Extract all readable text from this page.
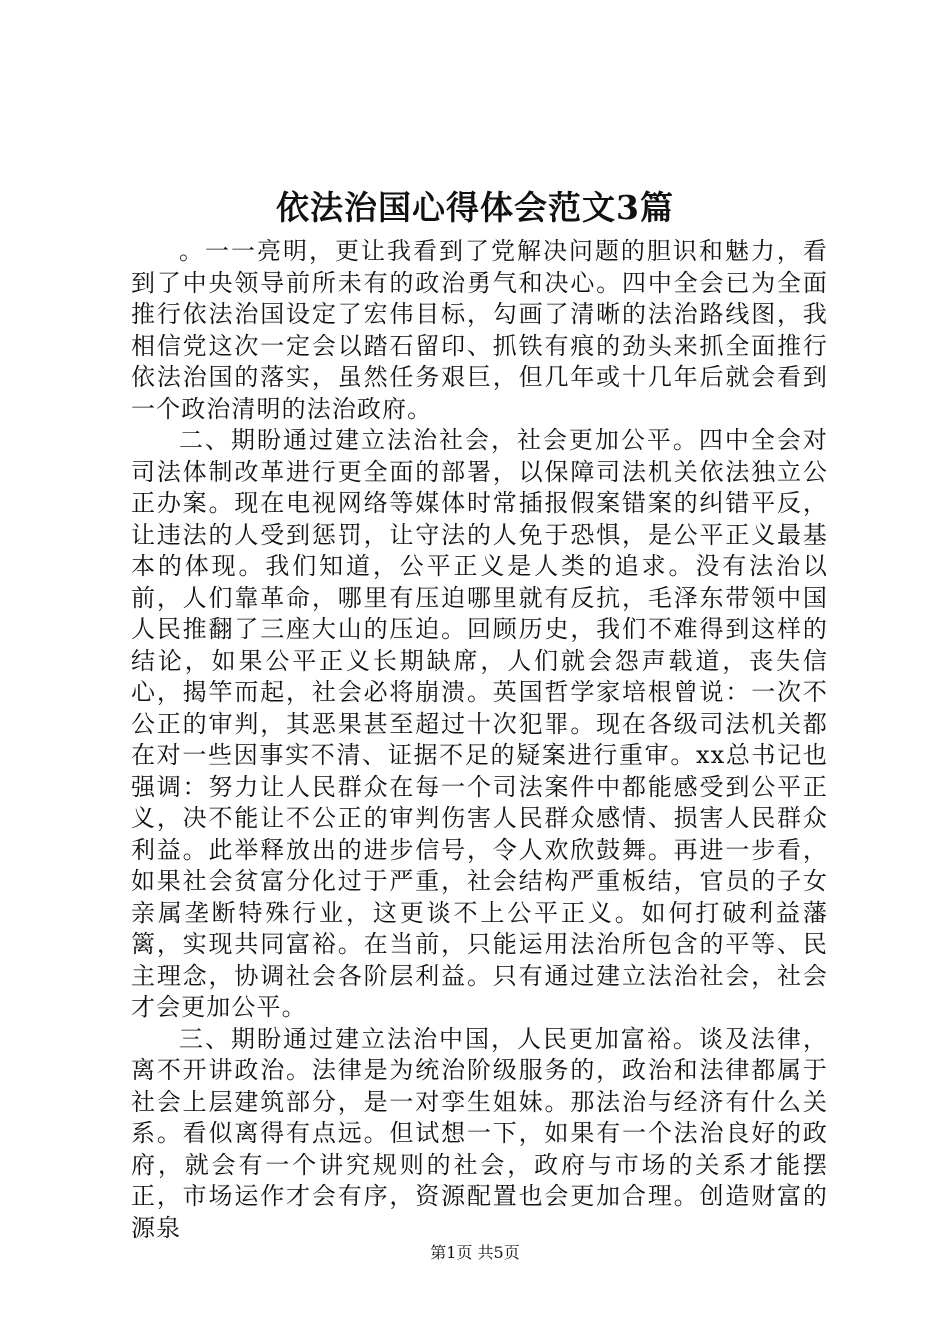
依法治国心得体会范文3篇

。一一亮明，更让我看到了党解决问题的胆识和魅力，看到了中央领导前所未有的政治勇气和决心。四中全会已为全面推行依法治国设定了宏伟目标，勾画了清晰的法治路线图，我相信党这次一定会以踏石留印、抓铁有痕的劲头来抓全面推行依法治国的落实，虽然任务艰巨，但几年或十几年后就会看到一个政治清明的法治政府。

二、期盼通过建立法治社会，社会更加公平。四中全会对司法体制改革进行更全面的部署，以保障司法机关依法独立公正办案。现在电视网络等媒体时常插报假案错案的纠错平反，让违法的人受到惩罚，让守法的人免于恐惧，是公平正义最基本的体现。我们知道，公平正义是人类的追求。没有法治以前，人们靠革命，哪里有压迫哪里就有反抗，毛泽东带领中国人民推翻了三座大山的压迫。回顾历史，我们不难得到这样的结论，如果公平正义长期缺席，人们就会怨声载道，丧失信心，揭竿而起，社会必将崩溃。英国哲学家培根曾说：一次不公正的审判，其恶果甚至超过十次犯罪。现在各级司法机关都在对一些因事实不清、证据不足的疑案进行重审。xx总书记也强调：努力让人民群众在每一个司法案件中都能感受到公平正义，决不能让不公正的审判伤害人民群众感情、损害人民群众利益。此举释放出的进步信号，令人欢欣鼓舞。再进一步看，如果社会贫富分化过于严重，社会结构严重板结，官员的子女亲属垄断特殊行业，这更谈不上公平正义。如何打破利益藩篱，实现共同富裕。在当前，只能运用法治所包含的平等、民主理念，协调社会各阶层利益。只有通过建立法治社会，社会才会更加公平。

三、期盼通过建立法治中国，人民更加富裕。谈及法律，离不开讲政治。法律是为统治阶级服务的，政治和法律都属于社会上层建筑部分，是一对孪生姐妹。那法治与经济有什么关系。看似离得有点远。但试想一下，如果有一个法治良好的政府，就会有一个讲究规则的社会，政府与市场的关系才能摆正，市场运作才会有序，资源配置也会更加合理。创造财富的源泉

第1页 共5页
